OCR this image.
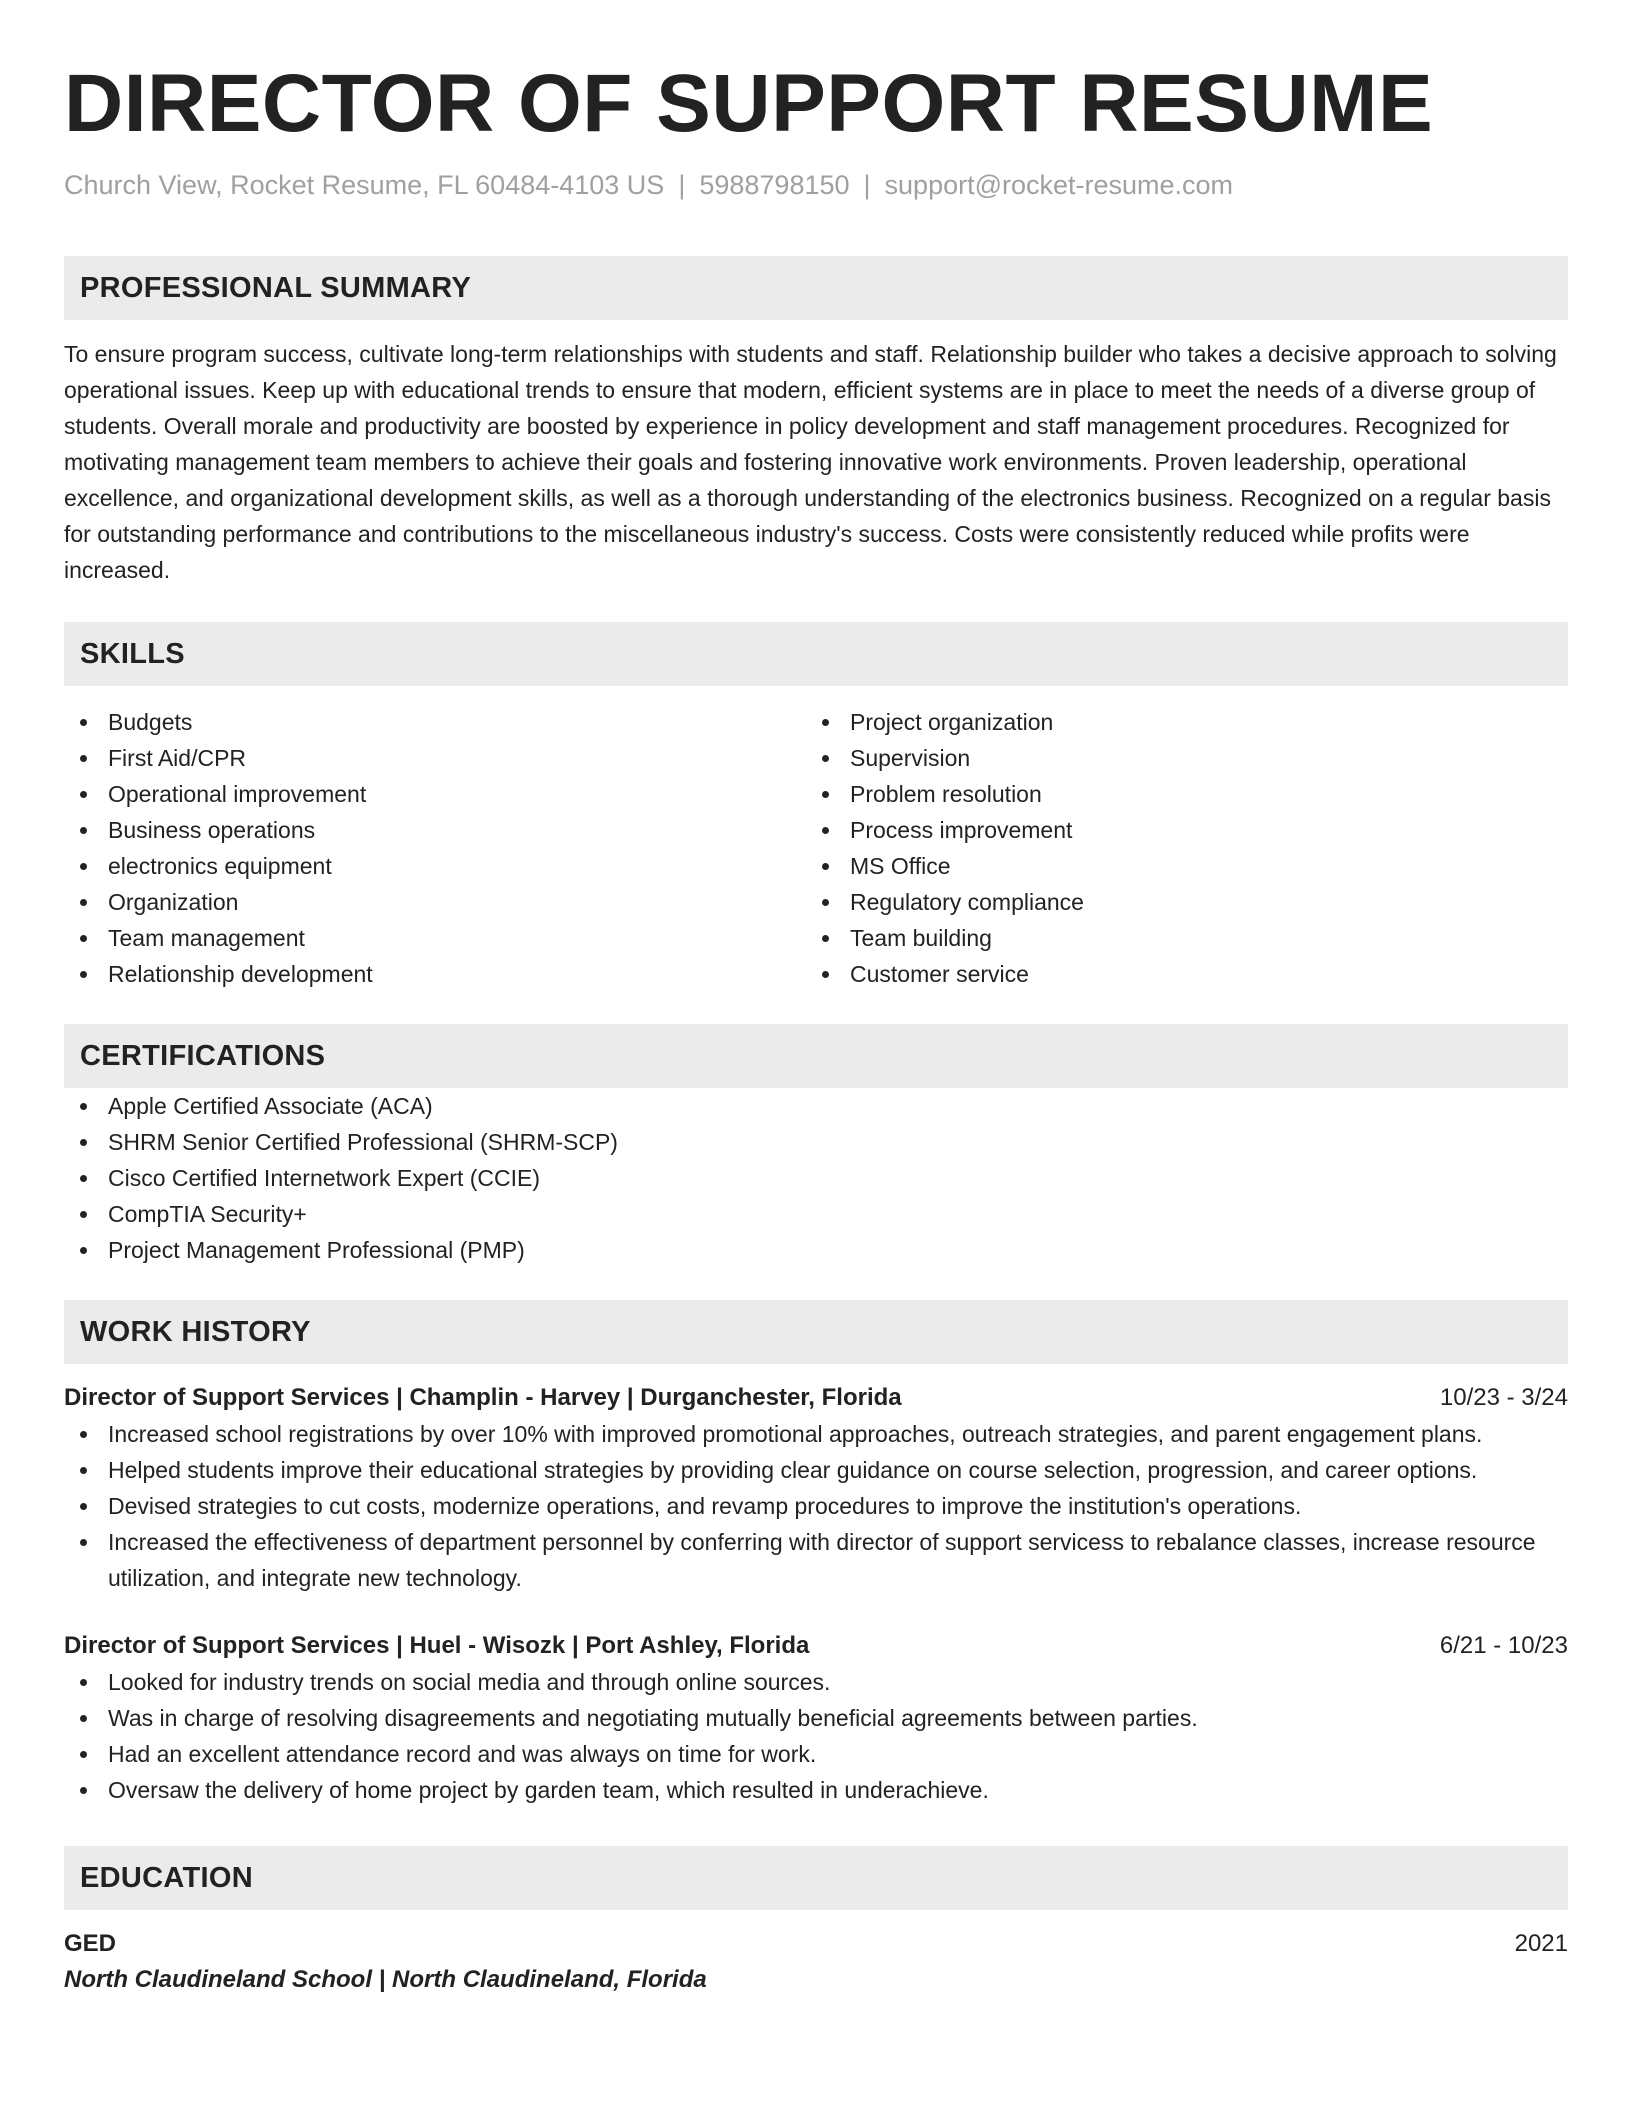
DIRECTOR OF SUPPORT RESUME
Church View, Rocket Resume, FL 60484-4103 US | 5988798150 | support@rocket-resume.com
PROFESSIONAL SUMMARY
To ensure program success, cultivate long-term relationships with students and staff. Relationship builder who takes a decisive approach to solving operational issues. Keep up with educational trends to ensure that modern, efficient systems are in place to meet the needs of a diverse group of students. Overall morale and productivity are boosted by experience in policy development and staff management procedures. Recognized for motivating management team members to achieve their goals and fostering innovative work environments. Proven leadership, operational excellence, and organizational development skills, as well as a thorough understanding of the electronics business. Recognized on a regular basis for outstanding performance and contributions to the miscellaneous industry's success. Costs were consistently reduced while profits were increased.
SKILLS
Budgets
First Aid/CPR
Operational improvement
Business operations
electronics equipment
Organization
Team management
Relationship development
Project organization
Supervision
Problem resolution
Process improvement
MS Office
Regulatory compliance
Team building
Customer service
CERTIFICATIONS
Apple Certified Associate (ACA)
SHRM Senior Certified Professional (SHRM-SCP)
Cisco Certified Internetwork Expert (CCIE)
CompTIA Security+
Project Management Professional (PMP)
WORK HISTORY
Director of Support Services | Champlin - Harvey | Durganchester, Florida	10/23 - 3/24
Increased school registrations by over 10% with improved promotional approaches, outreach strategies, and parent engagement plans.
Helped students improve their educational strategies by providing clear guidance on course selection, progression, and career options.
Devised strategies to cut costs, modernize operations, and revamp procedures to improve the institution's operations.
Increased the effectiveness of department personnel by conferring with director of support servicess to rebalance classes, increase resource utilization, and integrate new technology.
Director of Support Services | Huel - Wisozk | Port Ashley, Florida	6/21 - 10/23
Looked for industry trends on social media and through online sources.
Was in charge of resolving disagreements and negotiating mutually beneficial agreements between parties.
Had an excellent attendance record and was always on time for work.
Oversaw the delivery of home project by garden team, which resulted in underachieve.
EDUCATION
GED	2021
North Claudineland School | North Claudineland, Florida
